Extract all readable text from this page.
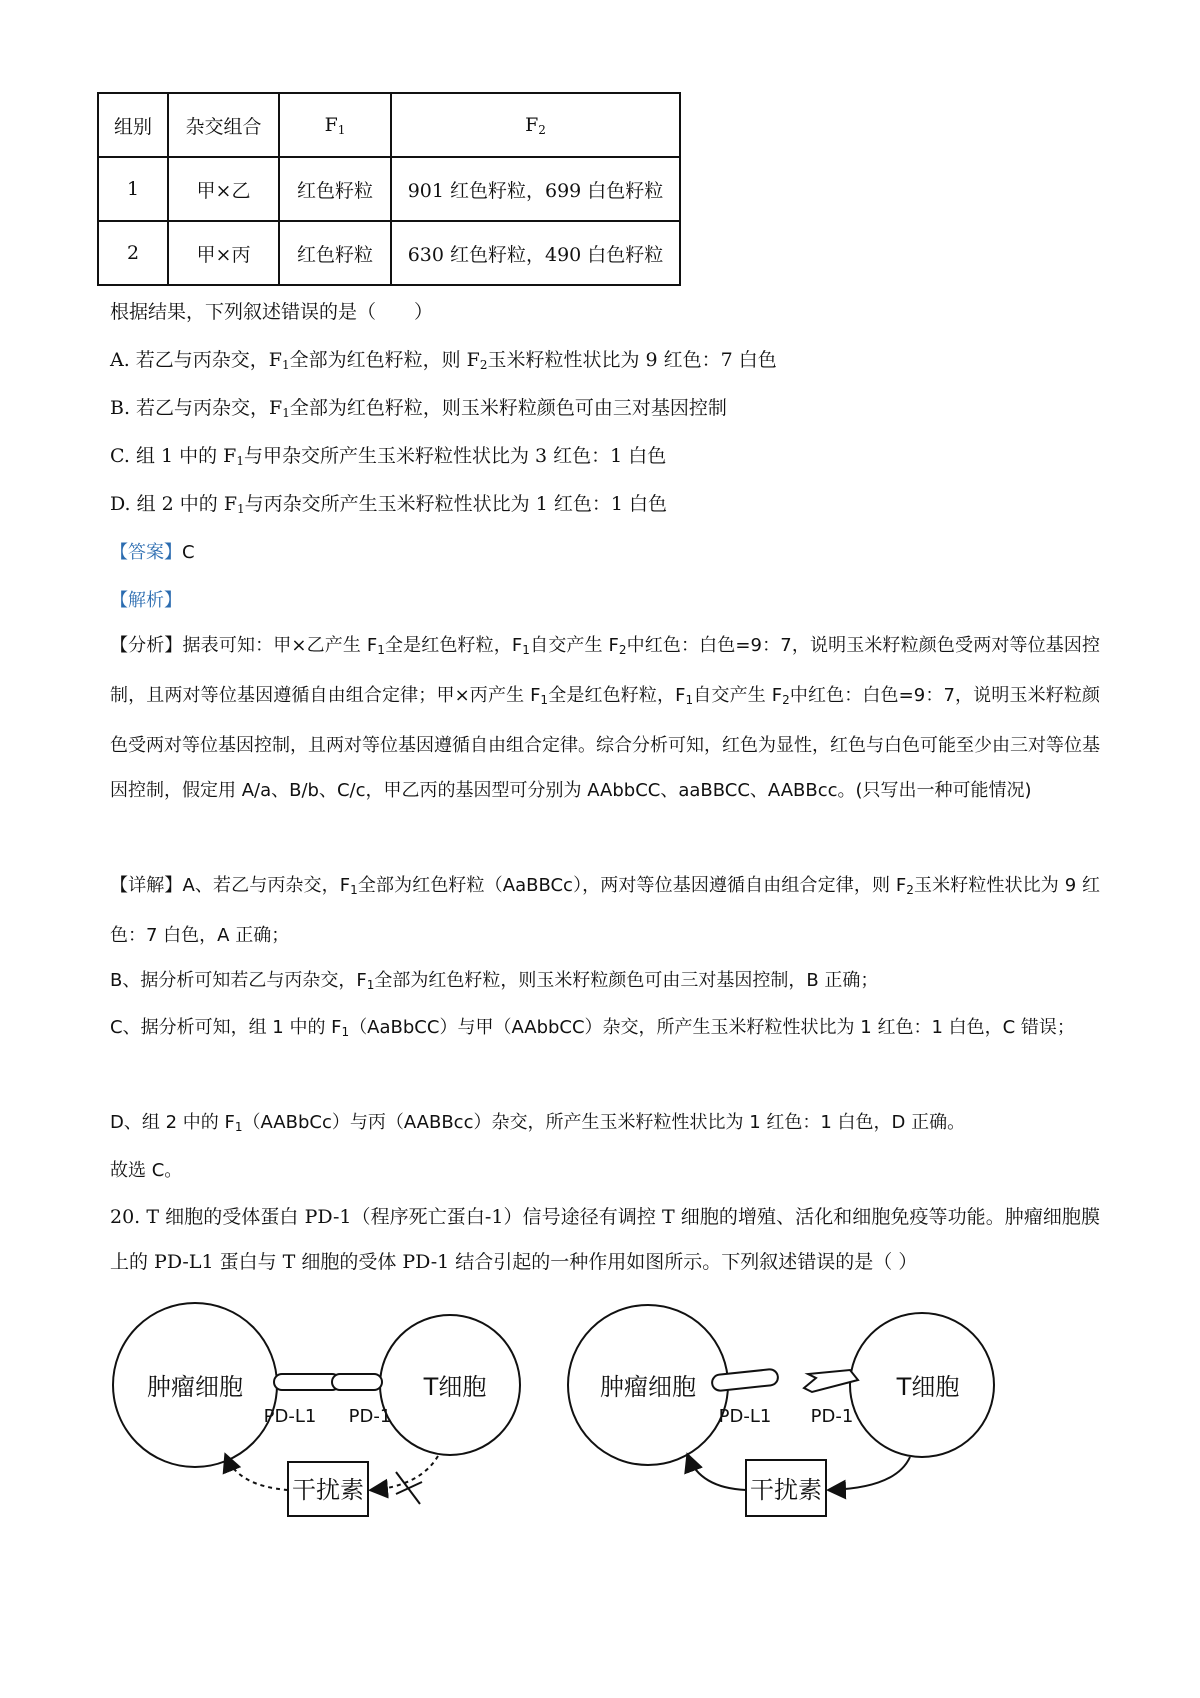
组别	杂交组合	$F_1$	$F_2$
1	甲×乙	红色籽粒	901 红色籽粒，699 白色籽粒
2	甲×丙	红色籽粒	630 红色籽粒，490 白色籽粒
根据结果，下列叙述错误的是（　　）
A. 若乙与丙杂交，$F_1$全部为红色籽粒，则 $F_2$玉米籽粒性状比为 9 红色：7 白色
B. 若乙与丙杂交，$F_1$全部为红色籽粒，则玉米籽粒颜色可由三对基因控制
C. 组 1 中的 $F_1$与甲杂交所产生玉米籽粒性状比为 3 红色：1 白色
D. 组 2 中的 $F_1$与丙杂交所产生玉米籽粒性状比为 1 红色：1 白色
【答案】C
【解析】
【分析】据表可知：甲×乙产生 $F_1$全是红色籽粒，$F_1$自交产生 $F_2$中红色：白色=9：7，说明玉米籽粒颜色受两对等位基因控制，且两对等位基因遵循自由组合定律；甲×丙产生 $F_1$全是红色籽粒，$F_1$自交产生 $F_2$中红色：白色=9：7，说明玉米籽粒颜色受两对等位基因控制，且两对等位基因遵循自由组合定律。综合分析可知，红色为显性，红色与白色可能至少由三对等位基因控制，假定用 A/a、B/b、C/c，甲乙丙的基因型可分别为 AAbbCC、aaBBCC、AABBcc。(只写出一种可能情况)
【详解】A、若乙与丙杂交，$F_1$全部为红色籽粒（AaBBCc），两对等位基因遵循自由组合定律，则 $F_2$玉米籽粒性状比为 9 红色：7 白色，A 正确；
B、据分析可知若乙与丙杂交，$F_1$全部为红色籽粒，则玉米籽粒颜色可由三对基因控制，B 正确；
C、据分析可知，组 1 中的 $F_1(AaBbCC)$与甲（AAbbCC）杂交，所产生玉米籽粒性状比为 1 红色：1 白色，C 错误；
D、组 2 中的 $F_1(AABbCc)$与丙（AABBcc）杂交，所产生玉米籽粒性状比为 1 红色：1 白色，D 正确。
故选 C。
20. T 细胞的受体蛋白 PD-1（程序死亡蛋白-1）信号途径有调控 T 细胞的增殖、活化和细胞免疫等功能。肿瘤细胞膜上的 PD-L1 蛋白与 T 细胞的受体 PD-1 结合引起的一种作用如图所示。下列叙述错误的是（ ）
肿瘤细胞	T细胞
PD-L1 PD-1
干扰素
肿瘤细胞	T细胞
PD-L1 PD-1
干扰素
